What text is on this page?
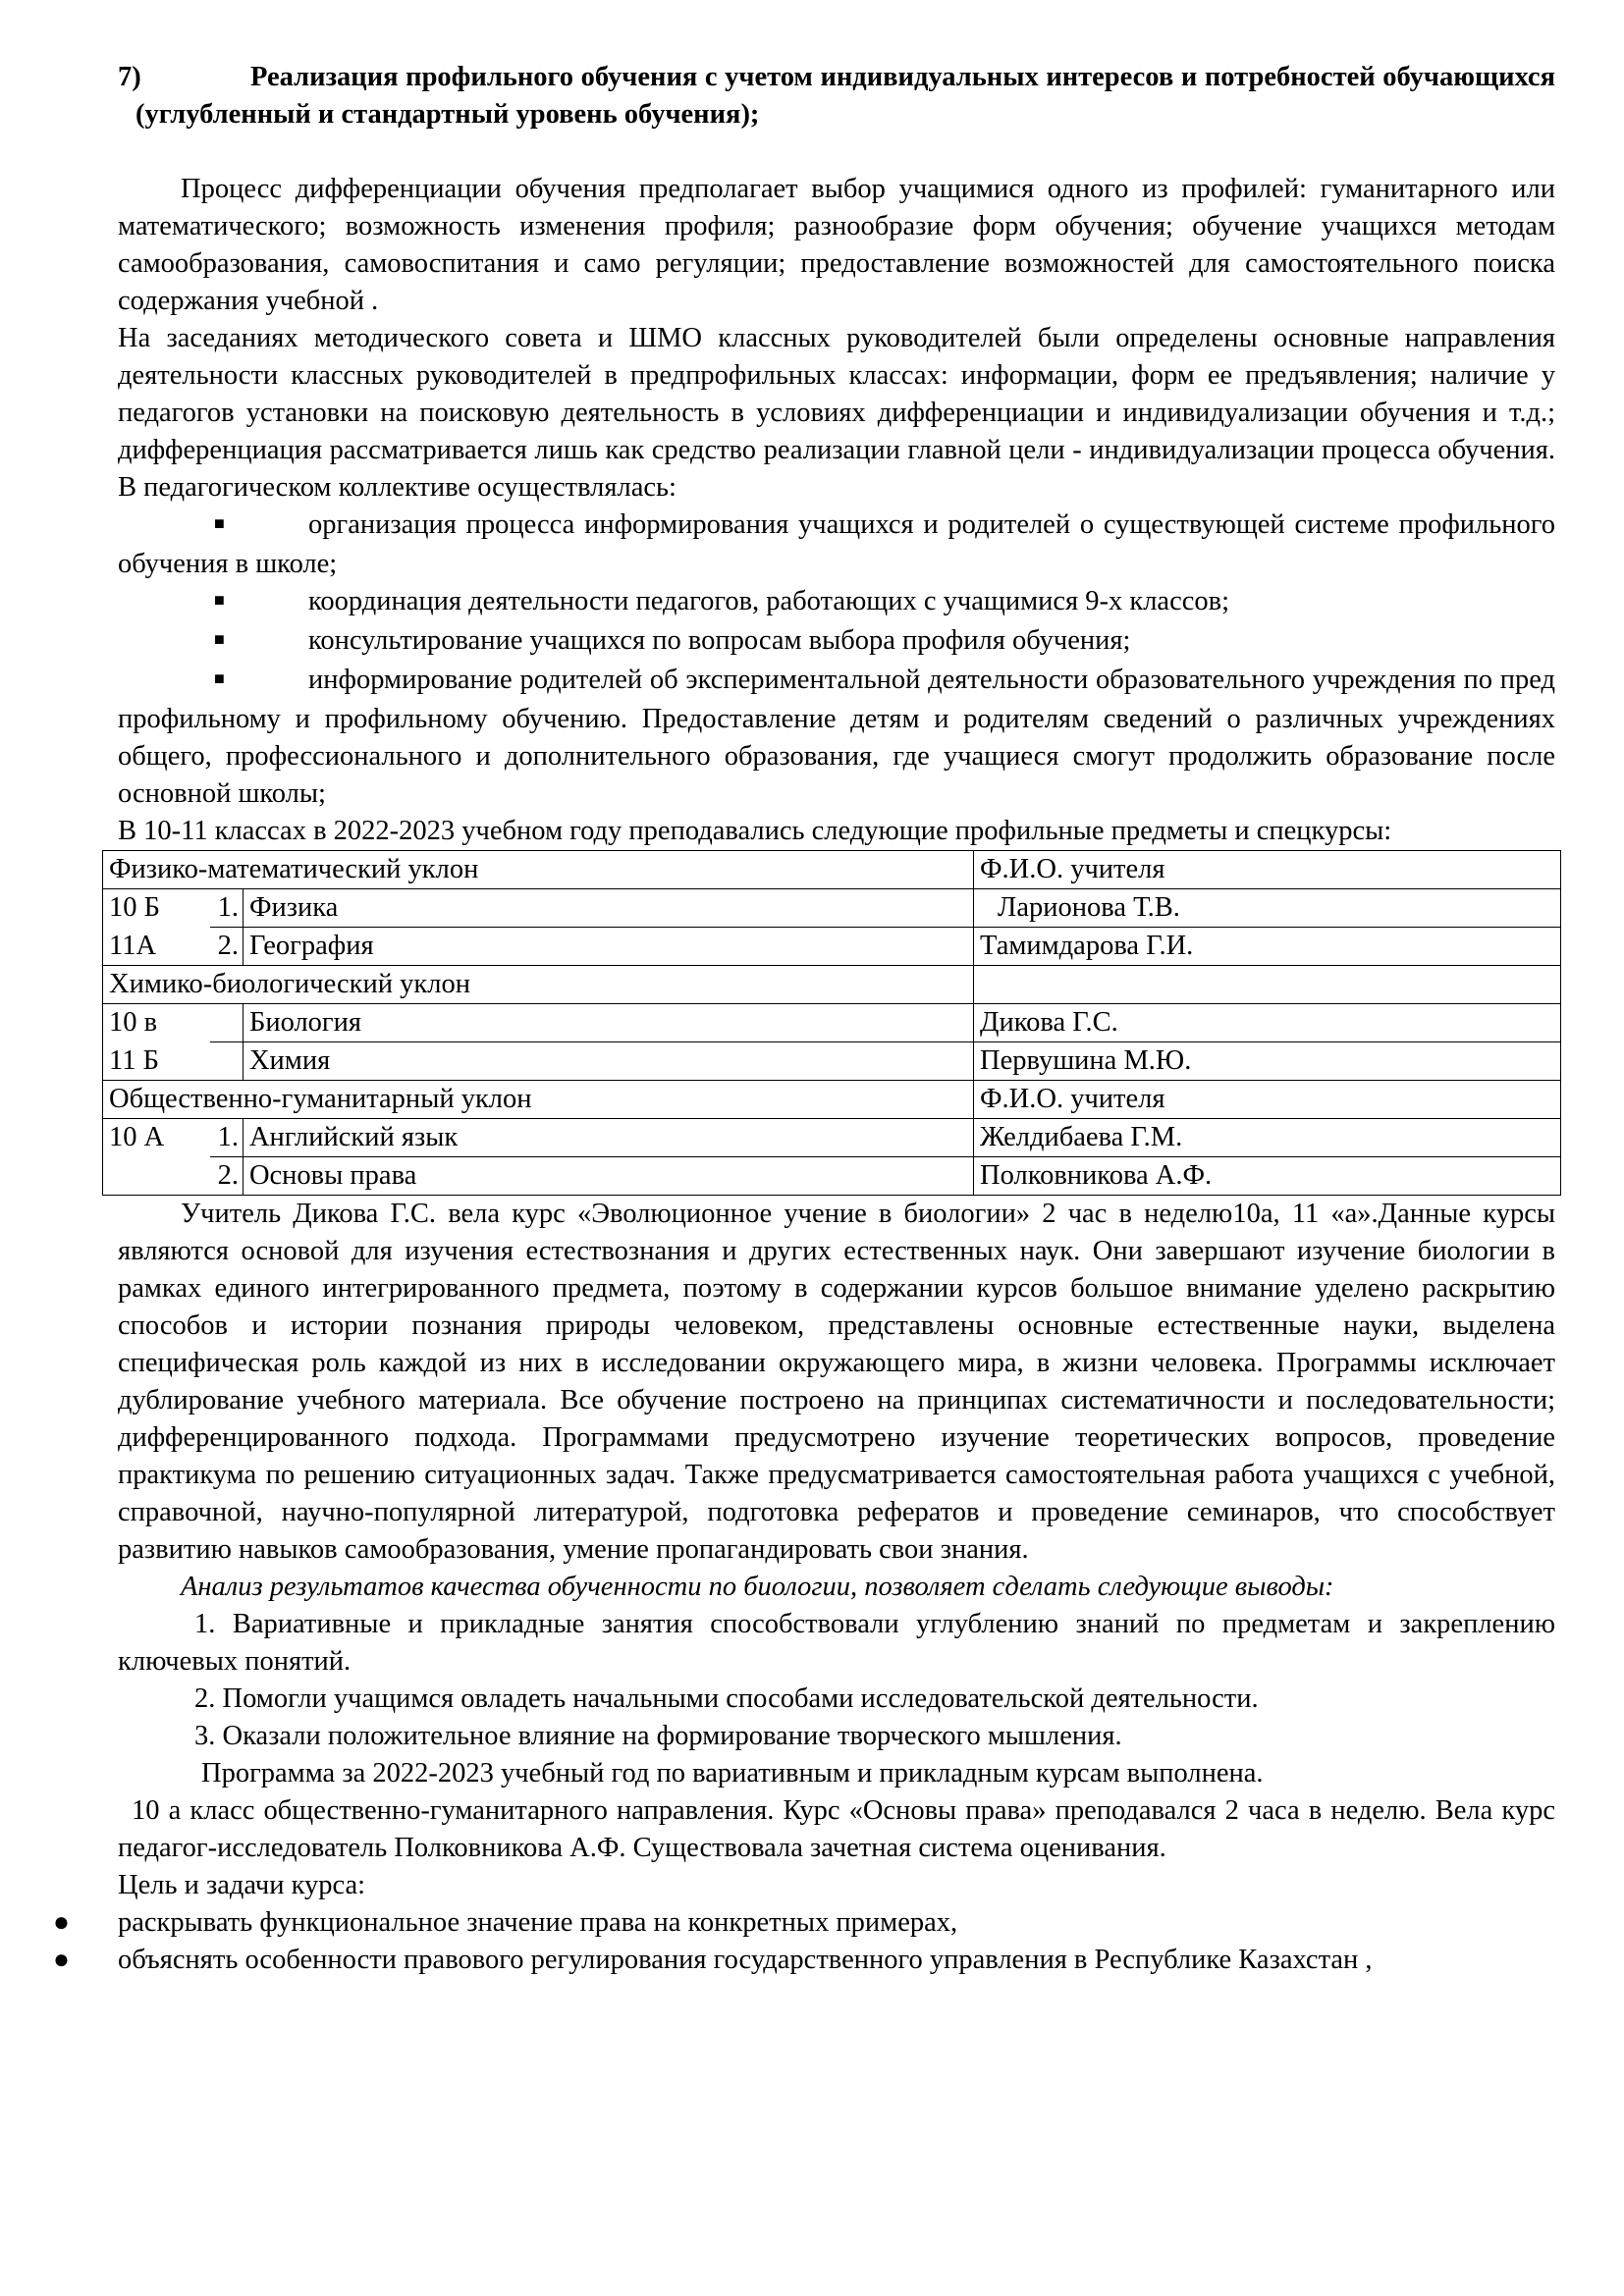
7)	Реализация профильного обучения с учетом индивидуальных интересов и потребностей обучающихся (углубленный и стандартный уровень обучения);

Процесс дифференциации обучения предполагает выбор учащимися одного из профилей: гуманитарного или математического; возможность изменения профиля; разнообразие форм обучения; обучение учащихся методам самообразования, самовоспитания и само регуляции; предоставление возможностей для самостоятельного поиска содержания учебной .

На заседаниях методического совета и ШМО классных руководителей были определены основные направления деятельности классных руководителей в предпрофильных классах: информации, форм ее предъявления; наличие у педагогов установки на поисковую деятельность в условиях дифференциации и индивидуализации обучения и т.д.; дифференциация рассматривается лишь как средство реализации главной цели - индивидуализации процесса обучения. В педагогическом коллективе осуществлялась:

■	организация процесса информирования учащихся и родителей о существующей системе профильного обучения в школе;

■	координация деятельности педагогов, работающих с учащимися 9-х классов;

■	консультирование учащихся по вопросам выбора профиля обучения;

■	информирование родителей об экспериментальной деятельности образовательного учреждения по пред профильному и профильному обучению. Предоставление детям и родителям сведений о различных учреждениях общего, профессионального и дополнительного образования, где учащиеся смогут продолжить образование после основной школы;

В 10-11 классах в 2022-2023 учебном году преподавались следующие профильные предметы и спецкурсы:

Физико-математический уклон			Ф.И.О. учителя
10 Б	1.	Физика	Ларионова Т.В.
11А	2.	География	Тамимдарова Г.И.
Химико-биологический уклон			
10 в		Биология	Дикова Г.С.
11 Б		Химия	Первушина М.Ю.
Общественно-гуманитарный уклон			Ф.И.О. учителя
10 А	1.	Английский язык	Желдибаева Г.М.
	2.	Основы права	Полковникова А.Ф.

Учитель Дикова Г.С. вела курс «Эволюционное учение в биологии» 2 час в неделю10а, 11 «а».Данные курсы являются основой для изучения естествознания и других естественных наук. Они завершают изучение биологии в рамках единого интегрированного предмета, поэтому в содержании курсов большое внимание уделено раскрытию способов и истории познания природы человеком, представлены основные естественные науки, выделена специфическая роль каждой из них в исследовании окружающего мира, в жизни человека. Программы исключает дублирование учебного материала. Все обучение построено на принципах систематичности и последовательности; дифференцированного подхода. Программами предусмотрено изучение теоретических вопросов, проведение практикума по решению ситуационных задач. Также предусматривается самостоятельная работа учащихся с учебной, справочной, научно-популярной литературой, подготовка рефератов и проведение семинаров, что способствует развитию навыков самообразования, умение пропагандировать свои знания.

Анализ результатов качества обученности по биологии, позволяет сделать следующие выводы:

1. Вариативные и прикладные занятия способствовали углублению знаний по предметам и закреплению ключевых понятий.

2. Помогли учащимся овладеть начальными способами исследовательской деятельности.

3. Оказали положительное влияние на формирование творческого мышления.

Программа за 2022-2023 учебный год по вариативным и прикладным курсам выполнена.

10 а класс общественно-гуманитарного направления. Курс «Основы права» преподавался 2 часа в неделю. Вела курс педагог-исследователь Полковникова А.Ф. Существовала зачетная система оценивания.

Цель и задачи курса:

● раскрывать функциональное значение права на конкретных примерах,
● объяснять особенности правового регулирования государственного управления в Республике Казахстан ,
